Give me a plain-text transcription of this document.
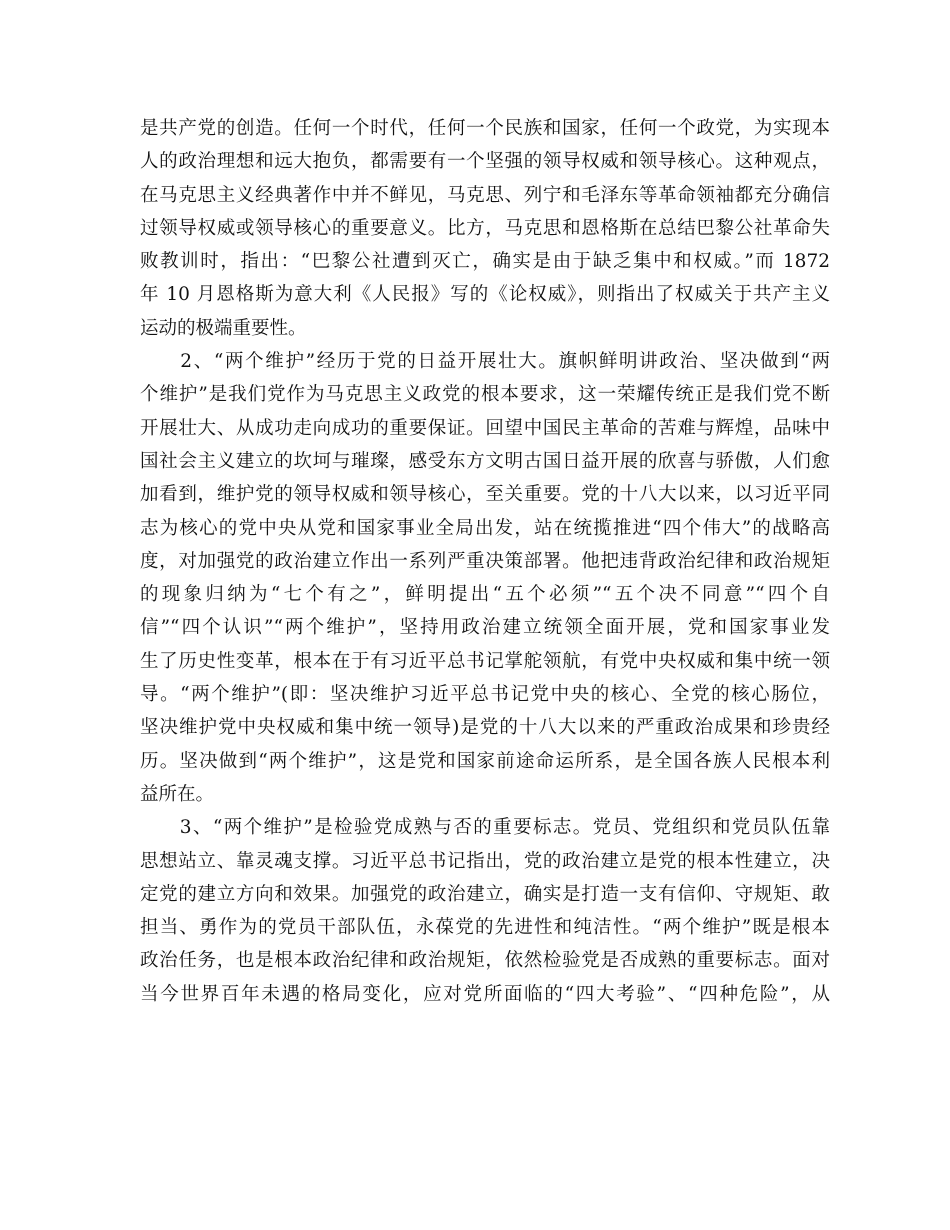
是共产党的创造。任何一个时代，任何一个民族和国家，任何一个政党，为实现本
人的政治理想和远大抱负，都需要有一个坚强的领导权威和领导核心。这种观点，
在马克思主义经典著作中并不鲜见，马克思、列宁和毛泽东等革命领袖都充分确信
过领导权威或领导核心的重要意义。比方，马克思和恩格斯在总结巴黎公社革命失
败教训时，指出：“巴黎公社遭到灭亡，确实是由于缺乏集中和权威。”而 1872
年 10 月恩格斯为意大利《人民报》写的《论权威》，则指出了权威关于共产主义
运动的极端重要性。
　　2、“两个维护”经历于党的日益开展壮大。旗帜鲜明讲政治、坚决做到“两
个维护”是我们党作为马克思主义政党的根本要求，这一荣耀传统正是我们党不断
开展壮大、从成功走向成功的重要保证。回望中国民主革命的苦难与辉煌，品味中
国社会主义建立的坎坷与璀璨，感受东方文明古国日益开展的欣喜与骄傲，人们愈
加看到，维护党的领导权威和领导核心，至关重要。党的十八大以来，以习近平同
志为核心的党中央从党和国家事业全局出发，站在统揽推进“四个伟大”的战略高
度，对加强党的政治建立作出一系列严重决策部署。他把违背政治纪律和政治规矩
的现象归纳为“七个有之”，鲜明提出“五个必须”“五个决不同意”“四个自
信”“四个认识”“两个维护”，坚持用政治建立统领全面开展，党和国家事业发
生了历史性变革，根本在于有习近平总书记掌舵领航，有党中央权威和集中统一领
导。“两个维护”(即：坚决维护习近平总书记党中央的核心、全党的核心肠位，
坚决维护党中央权威和集中统一领导)是党的十八大以来的严重政治成果和珍贵经
历。坚决做到“两个维护”，这是党和国家前途命运所系，是全国各族人民根本利
益所在。
　　3、“两个维护”是检验党成熟与否的重要标志。党员、党组织和党员队伍靠
思想站立、靠灵魂支撑。习近平总书记指出，党的政治建立是党的根本性建立，决
定党的建立方向和效果。加强党的政治建立，确实是打造一支有信仰、守规矩、敢
担当、勇作为的党员干部队伍，永葆党的先进性和纯洁性。“两个维护”既是根本
政治任务，也是根本政治纪律和政治规矩，依然检验党是否成熟的重要标志。面对
当今世界百年未遇的格局变化，应对党所面临的“四大考验”、“四种危险”，从
